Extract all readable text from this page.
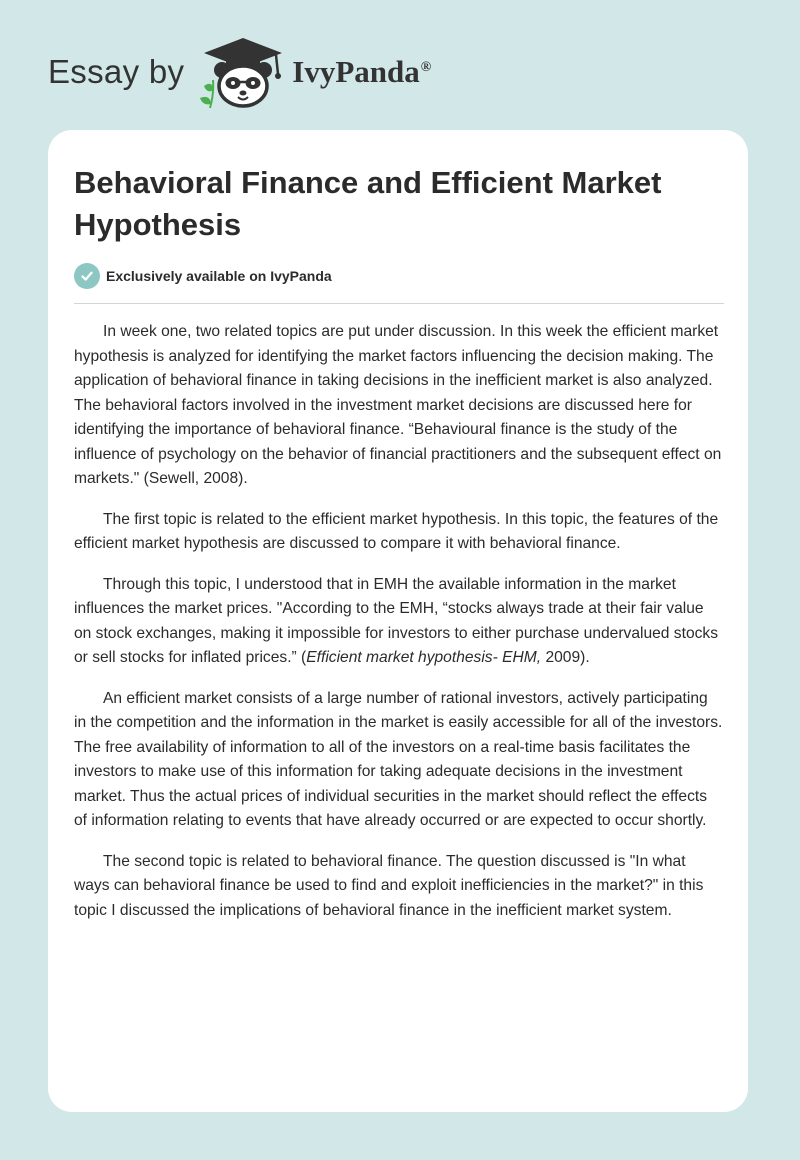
Essay by	IvyPanda®
Behavioral Finance and Efficient Market Hypothesis
Exclusively available on IvyPanda

In week one, two related topics are put under discussion. In this week the efficient market hypothesis is analyzed for identifying the market factors influencing the decision making. The application of behavioral finance in taking decisions in the inefficient market is also analyzed. The behavioral factors involved in the investment market decisions are discussed here for identifying the importance of behavioral finance. “Behavioural finance is the study of the influence of psychology on the behavior of financial practitioners and the subsequent effect on markets." (Sewell, 2008).

The first topic is related to the efficient market hypothesis. In this topic, the features of the efficient market hypothesis are discussed to compare it with behavioral finance.

Through this topic, I understood that in EMH the available information in the market influences the market prices. "According to the EMH, “stocks always trade at their fair value on stock exchanges, making it impossible for investors to either purchase undervalued stocks or sell stocks for inflated prices.” (Efficient market hypothesis- EHM, 2009).

An efficient market consists of a large number of rational investors, actively participating in the competition and the information in the market is easily accessible for all of the investors. The free availability of information to all of the investors on a real-time basis facilitates the investors to make use of this information for taking adequate decisions in the investment market. Thus the actual prices of individual securities in the market should reflect the effects of information relating to events that have already occurred or are expected to occur shortly.

The second topic is related to behavioral finance. The question discussed is "In what ways can behavioral finance be used to find and exploit inefficiencies in the market?" in this topic I discussed the implications of behavioral finance in the inefficient market system.
